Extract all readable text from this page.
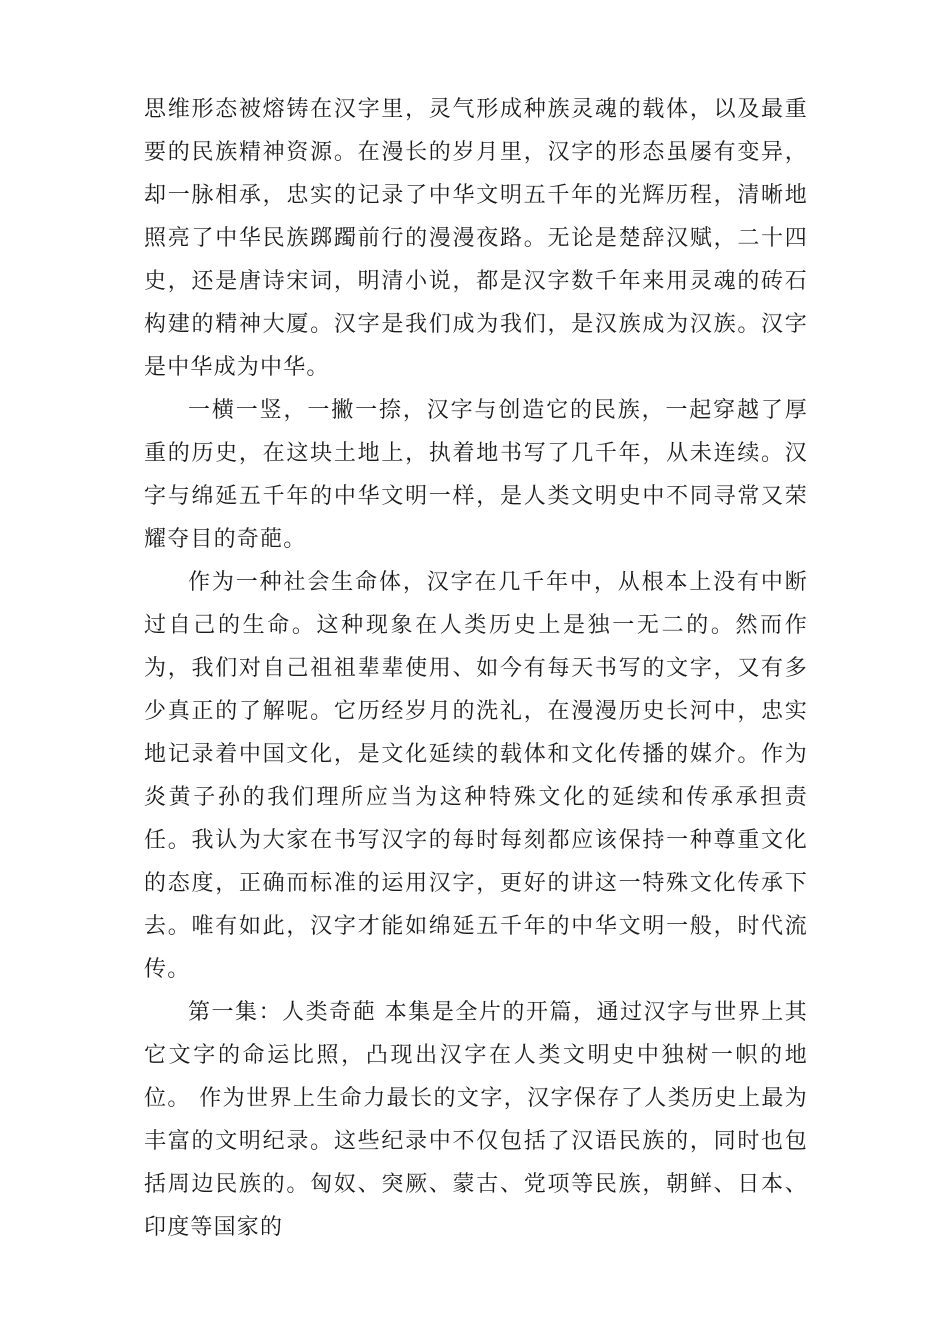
思维形态被熔铸在汉字里，灵气形成种族灵魂的载体，以及最重要的民族精神资源。在漫长的岁月里，汉字的形态虽屡有变异，却一脉相承，忠实的记录了中华文明五千年的光辉历程，清晰地照亮了中华民族踯躅前行的漫漫夜路。无论是楚辞汉赋，二十四史，还是唐诗宋词，明清小说，都是汉字数千年来用灵魂的砖石构建的精神大厦。汉字是我们成为我们，是汉族成为汉族。汉字是中华成为中华。

一横一竖，一撇一捺，汉字与创造它的民族，一起穿越了厚重的历史，在这块土地上，执着地书写了几千年，从未连续。汉字与绵延五千年的中华文明一样，是人类文明史中不同寻常又荣耀夺目的奇葩。

作为一种社会生命体，汉字在几千年中，从根本上没有中断过自己的生命。这种现象在人类历史上是独一无二的。然而作为，我们对自己祖祖辈辈使用、如今有每天书写的文字，又有多少真正的了解呢。它历经岁月的洗礼，在漫漫历史长河中，忠实地记录着中国文化，是文化延续的载体和文化传播的媒介。作为炎黄子孙的我们理所应当为这种特殊文化的延续和传承承担责任。我认为大家在书写汉字的每时每刻都应该保持一种尊重文化的态度，正确而标准的运用汉字，更好的讲这一特殊文化传承下去。唯有如此，汉字才能如绵延五千年的中华文明一般，时代流传。

第一集：人类奇葩 本集是全片的开篇，通过汉字与世界上其它文字的命运比照，凸现出汉字在人类文明史中独树一帜的地位。 作为世界上生命力最长的文字，汉字保存了人类历史上最为丰富的文明纪录。这些纪录中不仅包括了汉语民族的，同时也包括周边民族的。匈奴、突厥、蒙古、党项等民族，朝鲜、日本、印度等国家的
